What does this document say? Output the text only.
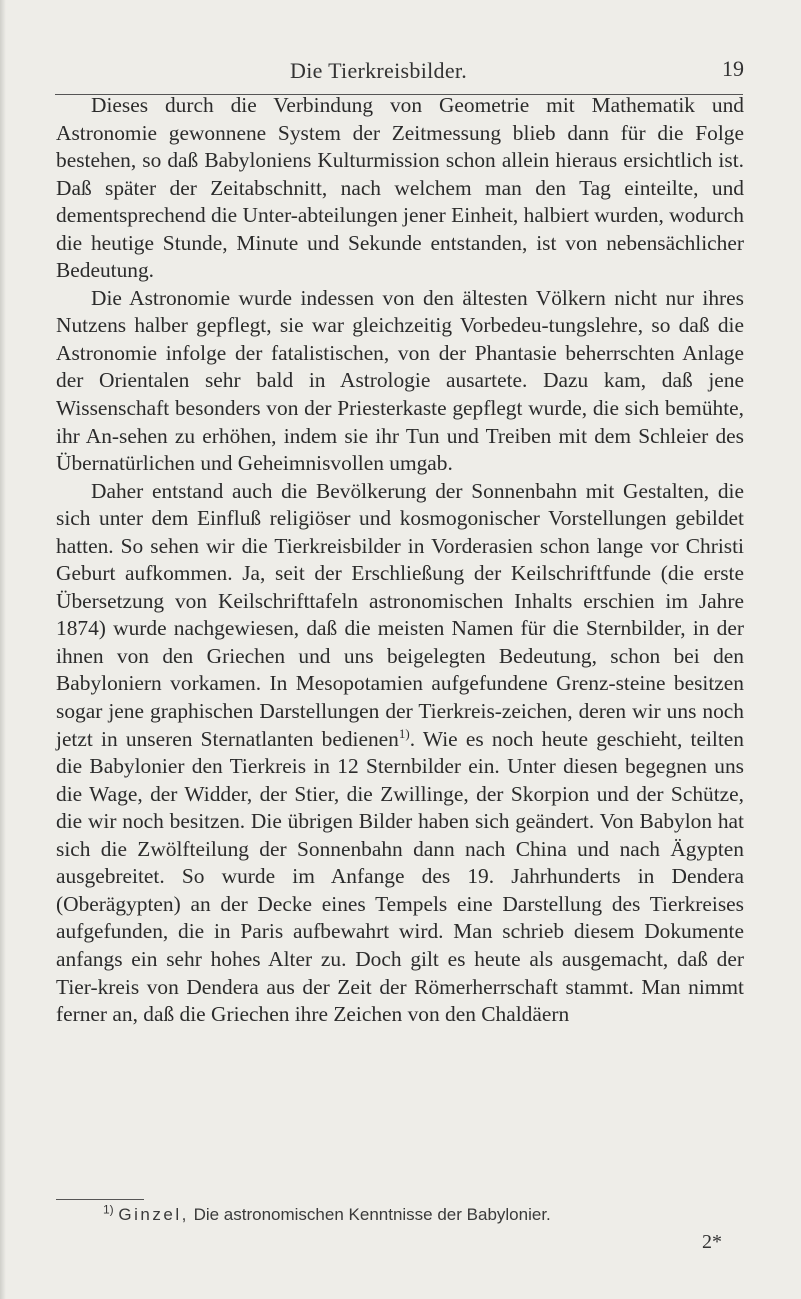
Die Tierkreisbilder.	19

Dieses durch die Verbindung von Geometrie mit Mathematik und Astronomie gewonnene System der Zeitmessung blieb dann für die Folge bestehen, so daß Babyloniens Kulturmission schon allein hieraus ersichtlich ist. Daß später der Zeitabschnitt, nach welchem man den Tag einteilte, und dementsprechend die Unter-abteilungen jener Einheit, halbiert wurden, wodurch die heutige Stunde, Minute und Sekunde entstanden, ist von nebensächlicher Bedeutung.

Die Astronomie wurde indessen von den ältesten Völkern nicht nur ihres Nutzens halber gepflegt, sie war gleichzeitig Vorbedeu-tungslehre, so daß die Astronomie infolge der fatalistischen, von der Phantasie beherrschten Anlage der Orientalen sehr bald in Astrologie ausartete. Dazu kam, daß jene Wissenschaft besonders von der Priesterkaste gepflegt wurde, die sich bemühte, ihr An-sehen zu erhöhen, indem sie ihr Tun und Treiben mit dem Schleier des Übernatürlichen und Geheimnisvollen umgab.

Daher entstand auch die Bevölkerung der Sonnenbahn mit Gestalten, die sich unter dem Einfluß religiöser und kosmogonischer Vorstellungen gebildet hatten. So sehen wir die Tierkreisbilder in Vorderasien schon lange vor Christi Geburt aufkommen. Ja, seit der Erschließung der Keilschriftfunde (die erste Übersetzung von Keilschrifttafeln astronomischen Inhalts erschien im Jahre 1874) wurde nachgewiesen, daß die meisten Namen für die Sternbilder, in der ihnen von den Griechen und uns beigelegten Bedeutung, schon bei den Babyloniern vorkamen. In Mesopotamien aufgefundene Grenz-steine besitzen sogar jene graphischen Darstellungen der Tierkreis-zeichen, deren wir uns noch jetzt in unseren Sternatlanten bedienen$^{1)}$. Wie es noch heute geschieht, teilten die Babylonier den Tierkreis in 12 Sternbilder ein. Unter diesen begegnen uns die Wage, der Widder, der Stier, die Zwillinge, der Skorpion und der Schütze, die wir noch besitzen. Die übrigen Bilder haben sich geändert. Von Babylon hat sich die Zwölfteilung der Sonnenbahn dann nach China und nach Ägypten ausgebreitet. So wurde im Anfange des 19. Jahrhunderts in Dendera (Oberägypten) an der Decke eines Tempels eine Darstellung des Tierkreises aufgefunden, die in Paris aufbewahrt wird. Man schrieb diesem Dokumente anfangs ein sehr hohes Alter zu. Doch gilt es heute als ausgemacht, daß der Tier-kreis von Dendera aus der Zeit der Römerherrschaft stammt. Man nimmt ferner an, daß die Griechen ihre Zeichen von den Chaldäern

$^{1)}$ Ginzel, Die astronomischen Kenntnisse der Babylonier.
2*
